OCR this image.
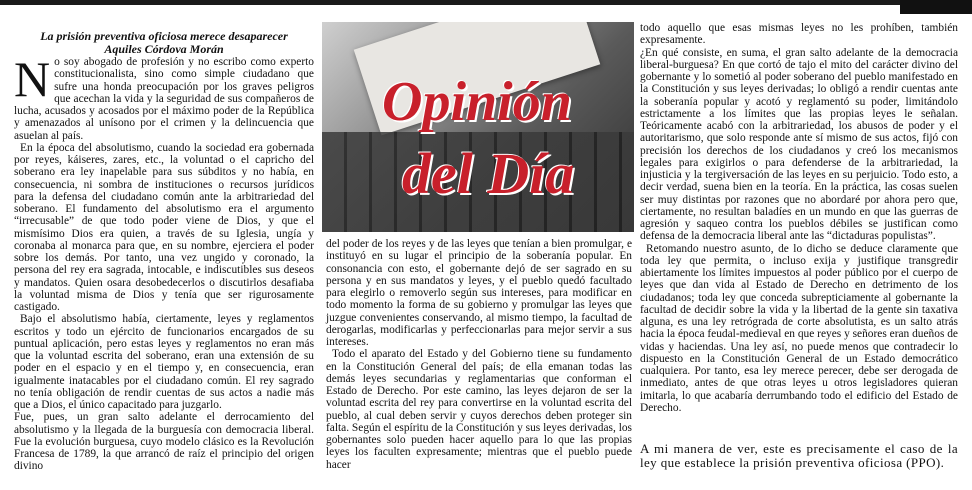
La prisión preventiva oficiosa merece desaparecer
Aquiles Córdova Morán
Opinión
del Día

No soy abogado de profesión y no escribo como experto constitucionalista, sino como simple ciudadano que sufre una honda preocupación por los graves peligros que acechan la vida y la seguridad de sus compañeros de lucha, acusados y acosados por el máximo poder de la República y amenazados al unísono por el crimen y la delincuencia que asuelan al país.

En la época del absolutismo, cuando la sociedad era gobernada por reyes, káiseres, zares, etc., la voluntad o el capricho del soberano era ley inapelable para sus súbditos y no había, en consecuencia, ni sombra de instituciones o recursos jurídicos para la defensa del ciudadano común ante la arbitrariedad del soberano. El fundamento del absolutismo era el argumento “irrecusable” de que todo poder viene de Dios, y que el mismísimo Dios era quien, a través de su Iglesia, ungía y coronaba al monarca para que, en su nombre, ejerciera el poder sobre los demás. Por tanto, una vez ungido y coronado, la persona del rey era sagrada, intocable, e indiscutibles sus deseos y mandatos. Quien osara desobedecerlos o discutirlos desafiaba la voluntad misma de Dios y tenía que ser rigurosamente castigado.

Bajo el absolutismo había, ciertamente, leyes y reglamentos escritos y todo un ejército de funcionarios encargados de su puntual aplicación, pero estas leyes y reglamentos no eran más que la voluntad escrita del soberano, eran una extensión de su poder en el espacio y en el tiempo y, en consecuencia, eran igualmente inatacables por el ciudadano común. El rey sagrado no tenía obligación de rendir cuentas de sus actos a nadie más que a Dios, el único capacitado para juzgarlo.

Fue, pues, un gran salto adelante el derrocamiento del absolutismo y la llegada de la burguesía con democracia liberal. Fue la evolución burguesa, cuyo modelo clásico es la Revolución Francesa de 1789, la que arrancó de raíz el principio del origen divino

del poder de los reyes y de las leyes que tenían a bien promulgar, e instituyó en su lugar el principio de la soberanía popular. En consonancia con esto, el gobernante dejó de ser sagrado en su persona y en sus mandatos y leyes, y el pueblo quedó facultado para elegirlo o removerlo según sus intereses, para modificar en todo momento la forma de su gobierno y promulgar las leyes que juzgue convenientes conservando, al mismo tiempo, la facultad de derogarlas, modificarlas y perfeccionarlas para mejor servir a sus intereses.

Todo el aparato del Estado y del Gobierno tiene su fundamento en la Constitución General del país; de ella emanan todas las demás leyes secundarias y reglamentarias que conforman el Estado de Derecho. Por este camino, las leyes dejaron de ser la voluntad escrita del rey para convertirse en la voluntad escrita del pueblo, al cual deben servir y cuyos derechos deben proteger sin falta. Según el espíritu de la Constitución y sus leyes derivadas, los gobernantes solo pueden hacer aquello para lo que las propias leyes los faculten expresamente; mientras que el pueblo puede hacer

todo aquello que esas mismas leyes no les prohíben, también expresamente.

¿En qué consiste, en suma, el gran salto adelante de la democracia liberal-burguesa? En que cortó de tajo el mito del carácter divino del gobernante y lo sometió al poder soberano del pueblo manifestado en la Constitución y sus leyes derivadas; lo obligó a rendir cuentas ante la soberanía popular y acotó y reglamentó su poder, limitándolo estrictamente a los límites que las propias leyes le señalan. Teóricamente acabó con la arbitrariedad, los abusos de poder y el autoritarismo, que solo responde ante sí mismo de sus actos, fijó con precisión los derechos de los ciudadanos y creó los mecanismos legales para exigirlos o para defenderse de la arbitrariedad, la injusticia y la tergiversación de las leyes en su perjuicio. Todo esto, a decir verdad, suena bien en la teoría. En la práctica, las cosas suelen ser muy distintas por razones que no abordaré por ahora pero que, ciertamente, no resultan baladíes en un mundo en que las guerras de agresión y saqueo contra los pueblos débiles se justifican como defensa de la democracia liberal ante las “dictaduras populistas”.

Retomando nuestro asunto, de lo dicho se deduce claramente que toda ley que permita, o incluso exija y justifique transgredir abiertamente los límites impuestos al poder público por el cuerpo de leyes que dan vida al Estado de Derecho en detrimento de los ciudadanos; toda ley que conceda subrepticiamente al gobernante la facultad de decidir sobre la vida y la libertad de la gente sin taxativa alguna, es una ley retrógrada de corte absolutista, es un salto atrás hacia la época feudal-medieval en que reyes y señores eran dueños de vidas y haciendas. Una ley así, no puede menos que contradecir lo dispuesto en la Constitución General de un Estado democrático cualquiera. Por tanto, esa ley merece perecer, debe ser derogada de inmediato, antes de que otras leyes u otros legisladores quieran imitarla, lo que acabaría derrumbando todo el edificio del Estado de Derecho.

A mi manera de ver, este es precisamente el caso de la ley que establece la prisión preventiva oficiosa (PPO).
